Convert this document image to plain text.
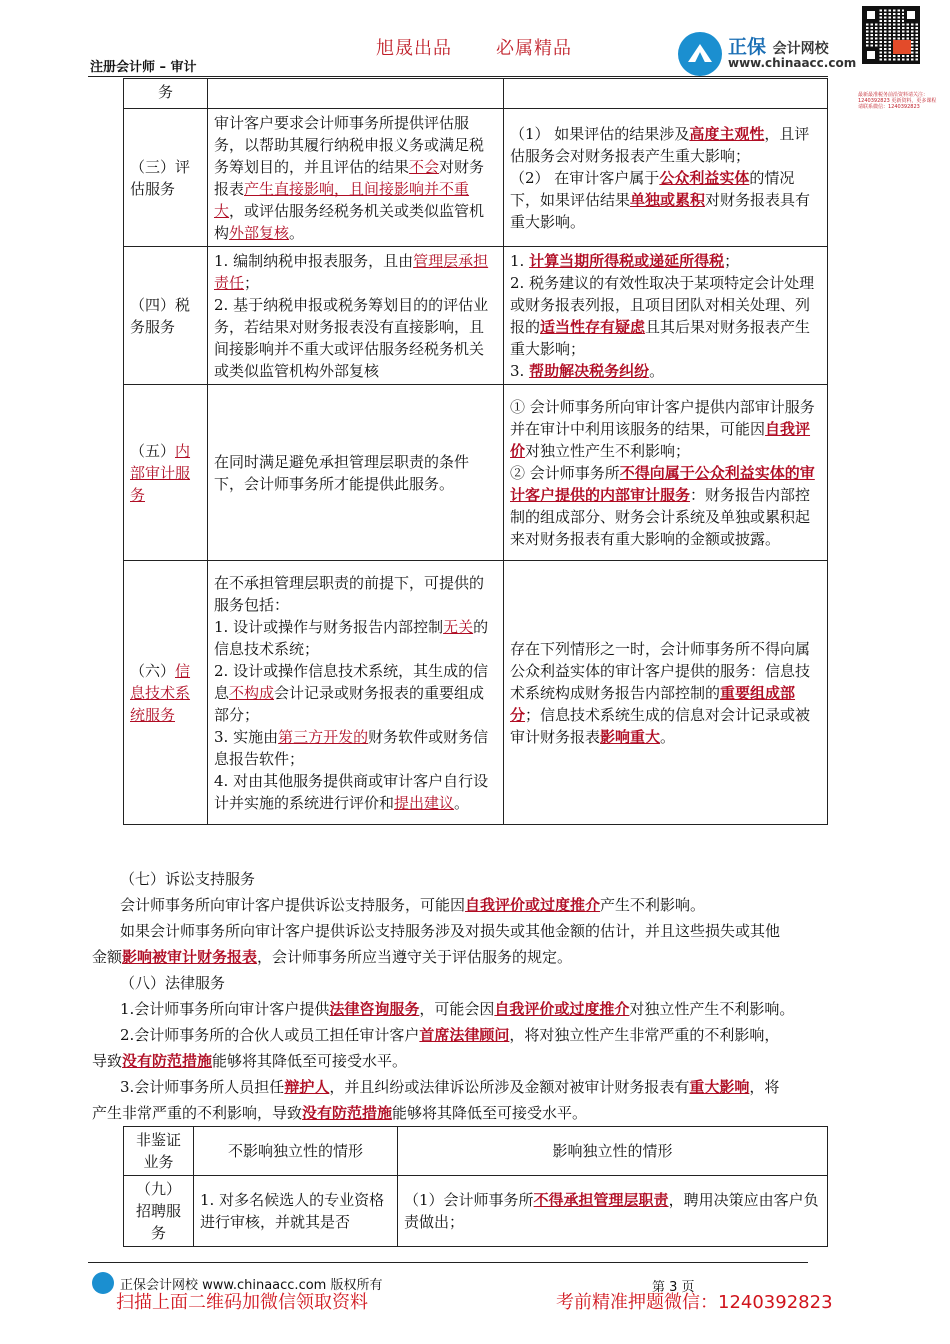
旭晟出品 必属精品
注册会计师 – 审计
正保 会计网校
www.chinaacc.com
最新最准税务前沿资料请关注：1240392823 更新资料，更多课程请联系微信：1240392823
务		
（三）评估服务	审计客户要求会计师事务所提供评估服务，以帮助其履行纳税申报义务或满足税务筹划目的，并且评估的结果不会对财务报表产生直接影响，且间接影响并不重大，或评估服务经税务机关或类似监管机构外部复核。	（1） 如果评估的结果涉及高度主观性，且评估服务会对财务报表产生重大影响；
（2） 在审计客户属于公众利益实体的情况下，如果评估结果单独或累积对财务报表具有重大影响。

（四）税务服务	1. 编制纳税申报表服务，且由管理层承担责任；
2. 基于纳税申报或税务筹划目的的评估业务，若结果对财务报表没有直接影响，且间接影响并不重大或评估服务经税务机关或类似监管机构外部复核	1. 计算当期所得税或递延所得税；
2. 税务建议的有效性取决于某项特定会计处理或财务报表列报，且项目团队对相关处理、列报的适当性存有疑虑且其后果对财务报表产生重大影响；
3. 帮助解决税务纠纷。

（五）内部审计服务	在同时满足避免承担管理层职责的条件下，会计师事务所才能提供此服务。	① 会计师事务所向审计客户提供内部审计服务并在审计中利用该服务的结果，可能因自我评价对独立性产生不利影响；
② 会计师事务所不得向属于公众利益实体的审计客户提供的内部审计服务：财务报告内部控制的组成部分、财务会计系统及单独或累积起来对财务报表有重大影响的金额或披露。

（六）信息技术系统服务	在不承担管理层职责的前提下，可提供的服务包括：
1. 设计或操作与财务报告内部控制无关的信息技术系统；
2. 设计或操作信息技术系统，其生成的信息不构成会计记录或财务报表的重要组成部分；
3. 实施由第三方开发的财务软件或财务信息报告软件；
4. 对由其他服务提供商或审计客户自行设计并实施的系统进行评价和提出建议。	存在下列情形之一时，会计师事务所不得向属公众利益实体的审计客户提供的服务：信息技术系统构成财务报告内部控制的重要组成部分；信息技术系统生成的信息对会计记录或被审计财务报表影响重大。
（七）诉讼支持服务
会计师事务所向审计客户提供诉讼支持服务，可能因自我评价或过度推介产生不利影响。
如果会计师事务所向审计客户提供诉讼支持服务涉及对损失或其他金额的估计，并且这些损失或其他
金额影响被审计财务报表，会计师事务所应当遵守关于评估服务的规定。
（八）法律服务
1.会计师事务所向审计客户提供法律咨询服务，可能会因自我评价或过度推介对独立性产生不利影响。
2.会计师事务所的合伙人或员工担任审计客户首席法律顾问，将对独立性产生非常严重的不利影响，
导致没有防范措施能够将其降低至可接受水平。
3.会计师事务所人员担任辩护人，并且纠纷或法律诉讼所涉及金额对被审计财务报表有重大影响，将
产生非常严重的不利影响，导致没有防范措施能够将其降低至可接受水平。
非鉴证业务	不影响独立性的情形	影响独立性的情形
（九）招聘服务	1. 对多名候选人的专业资格进行审核，并就其是否	（1）会计师事务所不得承担管理层职责，聘用决策应由客户负责做出；
正保会计网校 www.chinaacc.com 版权所有	第 3 页
扫描上面二维码加微信领取资料	考前精准押题微信：1240392823
